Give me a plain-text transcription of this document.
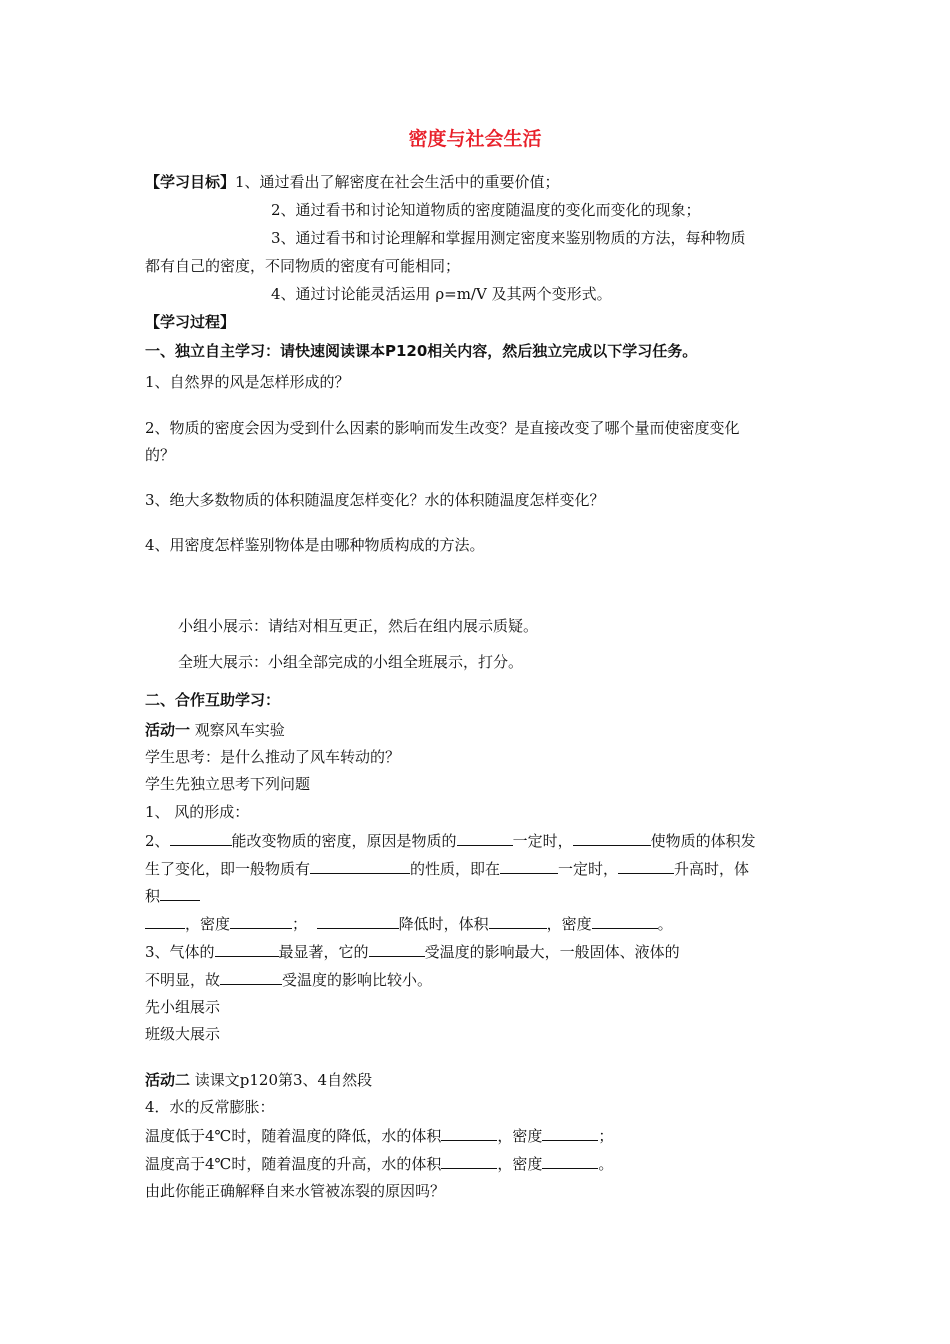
密度与社会生活
【学习目标】1、通过看出了解密度在社会生活中的重要价值；
2、通过看书和讨论知道物质的密度随温度的变化而变化的现象；
3、通过看书和讨论理解和掌握用测定密度来鉴别物质的方法，每种物质
都有自己的密度，不同物质的密度有可能相同；
4、通过讨论能灵活运用 ρ=m/V 及其两个变形式。
【学习过程】
一、独立自主学习：请快速阅读课本P120相关内容，然后独立完成以下学习任务。
1、自然界的风是怎样形成的？
2、物质的密度会因为受到什么因素的影响而发生改变？是直接改变了哪个量而使密度变化
的？
3、绝大多数物质的体积随温度怎样变化？水的体积随温度怎样变化？
4、用密度怎样鉴别物体是由哪种物质构成的方法。
小组小展示：请结对相互更正，然后在组内展示质疑。
全班大展示：小组全部完成的小组全班展示，打分。
二、合作互助学习：
活动一 观察风车实验
学生思考：是什么推动了风车转动的？
学生先独立思考下列问题
1、 风的形成：
2、	能改变物质的密度，原因是物质的	一定时，	使物质的体积发
生了变化，即一般物质有	的性质，即在	一定时，	升高时，体
积
，密度	；	降低时，体积	，密度	。
3、气体的	最显著，它的	受温度的影响最大，一般固体、液体的
不明显，故	受温度的影响比较小。
先小组展示
班级大展示
活动二 读课文p120第3、4自然段
4．水的反常膨胀：
温度低于4℃时，随着温度的降低，水的体积	，密度	；
温度高于4℃时，随着温度的升高，水的体积	，密度	。
由此你能正确解释自来水管被冻裂的原因吗？
